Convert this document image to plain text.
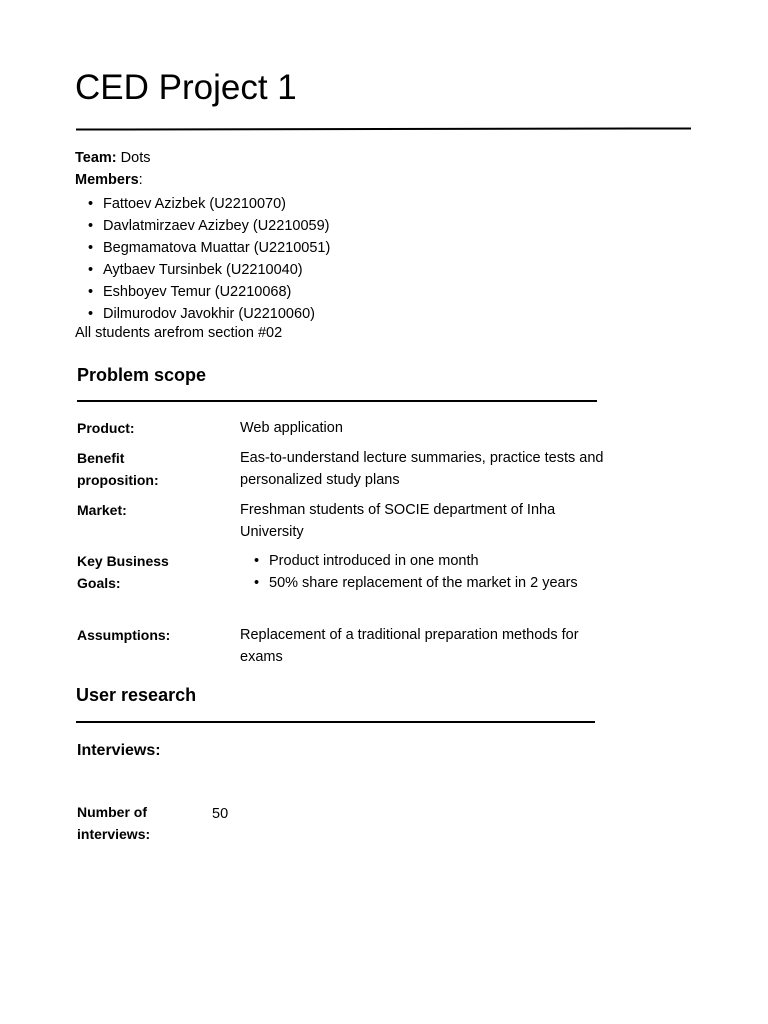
CED Project 1
Team: Dots
Members:
• Fattoev Azizbek (U2210070)
• Davlatmirzaev Azizbey (U2210059)
• Begmamatova Muattar (U2210051)
• Aytbaev Tursinbek (U2210040)
• Eshboyev Temur (U2210068)
• Dilmurodov Javokhir (U2210060)
All students arefrom section #02
Problem scope
Product:	Web application
Benefit proposition:
Eas-to-understand lecture summaries, practice tests and personalized study plans
Market:	Freshman students of SOCIE department of Inha University
Key Business Goals:
• Product introduced in one month
• 50% share replacement of the market in 2 years
Assumptions:	Replacement of a traditional preparation methods for exams
User research
Interviews:
Number of interviews:
50
